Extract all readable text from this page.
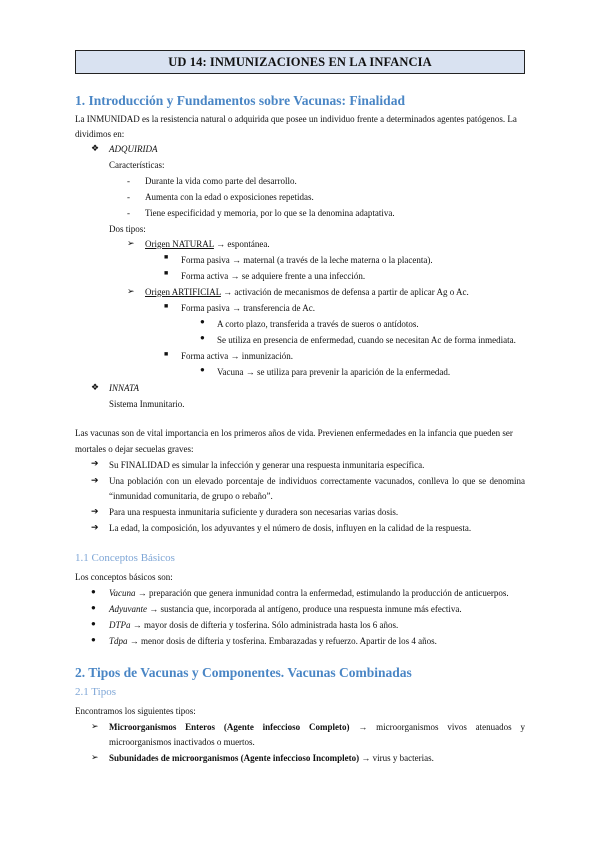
UD 14: INMUNIZACIONES EN LA INFANCIA
1. Introducción y Fundamentos sobre Vacunas: Finalidad
La INMUNIDAD es la resistencia natural o adquirida que posee un individuo frente a determinados agentes patógenos. La
dividimos en:
❖ ADQUIRIDA
Características:
- Durante la vida como parte del desarrollo.
- Aumenta con la edad o exposiciones repetidas.
- Tiene especificidad y memoria, por lo que se la denomina adaptativa.
Dos tipos:
➢ Origen NATURAL → espontánea.
■ Forma pasiva → maternal (a través de la leche materna o la placenta).
■ Forma activa → se adquiere frente a una infección.
➢ Origen ARTIFICIAL → activación de mecanismos de defensa a partir de aplicar Ag o Ac.
■ Forma pasiva → transferencia de Ac.
● A corto plazo, transferida a través de sueros o antídotos.
● Se utiliza en presencia de enfermedad, cuando se necesitan Ac de forma inmediata.
■ Forma activa → inmunización.
● Vacuna → se utiliza para prevenir la aparición de la enfermedad.
❖ INNATA
Sistema Inmunitario.
Las vacunas son de vital importancia en los primeros años de vida. Previenen enfermedades en la infancia que pueden ser
mortales o dejar secuelas graves:
➔ Su FINALIDAD es simular la infección y generar una respuesta inmunitaria específica.
➔ Una población con un elevado porcentaje de individuos correctamente vacunados, conlleva lo que se denomina
“inmunidad comunitaria, de grupo o rebaño”.
➔ Para una respuesta inmunitaria suficiente y duradera son necesarias varias dosis.
➔ La edad, la composición, los adyuvantes y el número de dosis, influyen en la calidad de la respuesta.
1.1 Conceptos Básicos
Los conceptos básicos son:
● Vacuna → preparación que genera inmunidad contra la enfermedad, estimulando la producción de anticuerpos.
● Adyuvante → sustancia que, incorporada al antígeno, produce una respuesta inmune más efectiva.
● DTPa → mayor dosis de difteria y tosferina. Sólo administrada hasta los 6 años.
● Tdpa → menor dosis de difteria y tosferina. Embarazadas y refuerzo. Apartir de los 4 años.
2. Tipos de Vacunas y Componentes. Vacunas Combinadas
2.1 Tipos
Encontramos los siguientes tipos:
➢ Microorganismos Enteros (Agente infeccioso Completo) → microorganismos vivos atenuados y
microorganismos inactivados o muertos.
➢ Subunidades de microorganismos (Agente infeccioso Incompleto) → virus y bacterias.
